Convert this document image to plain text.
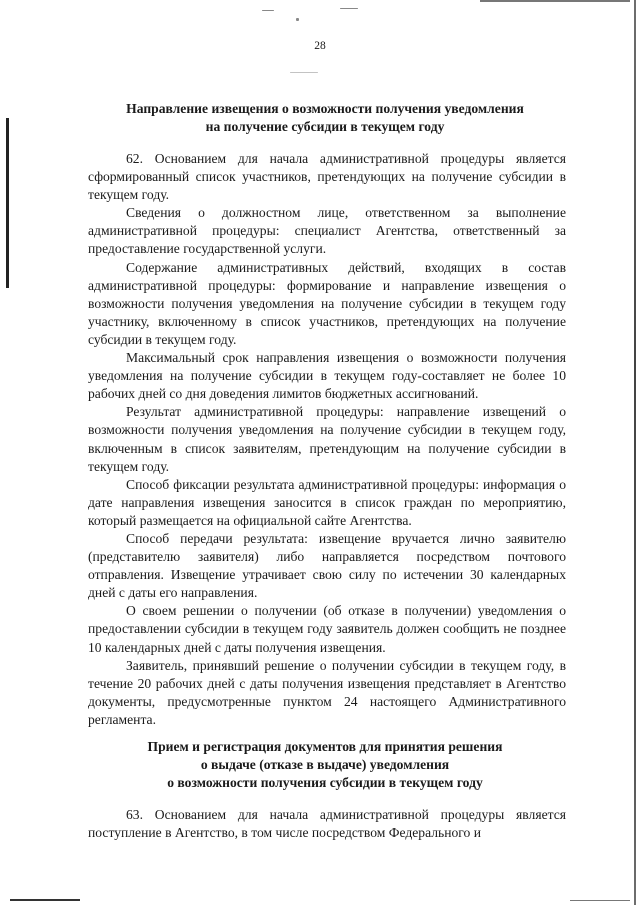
28
Направление извещения о возможности получения уведомления
на получение субсидии в текущем году

62. Основанием для начала административной процедуры является сформированный список участников, претендующих на получение субсидии в текущем году.

Сведения о должностном лице, ответственном за выполнение административной процедуры: специалист Агентства, ответственный за предоставление государственной услуги.

Содержание административных действий, входящих в состав административной процедуры: формирование и направление извещения о возможности получения уведомления на получение субсидии в текущем году участнику, включенному в список участников, претендующих на получение субсидии в текущем году.

Максимальный срок направления извещения о возможности получения уведомления на получение субсидии в текущем году-составляет не более 10 рабочих дней со дня доведения лимитов бюджетных ассигнований.

Результат административной процедуры: направление извещений о возможности получения уведомления на получение субсидии в текущем году, включенным в список заявителям, претендующим на получение субсидии в текущем году.

Способ фиксации результата административной процедуры: информация о дате направления извещения заносится в список граждан по мероприятию, который размещается на официальной сайте Агентства.

Способ передачи результата: извещение вручается лично заявителю (представителю заявителя) либо направляется посредством почтового отправления. Извещение утрачивает свою силу по истечении 30 календарных дней с даты его направления.

О своем решении о получении (об отказе в получении) уведомления о предоставлении субсидии в текущем году заявитель должен сообщить не позднее 10 календарных дней с даты получения извещения.

Заявитель, принявший решение о получении субсидии в текущем году, в течение 20 рабочих дней с даты получения извещения представляет в Агентство документы, предусмотренные пунктом 24 настоящего Административного регламента.

Прием и регистрация документов для принятия решения
о выдаче (отказе в выдаче) уведомления
о возможности получения субсидии в текущем году

63. Основанием для начала административной процедуры является поступление в Агентство, в том числе посредством Федерального и
